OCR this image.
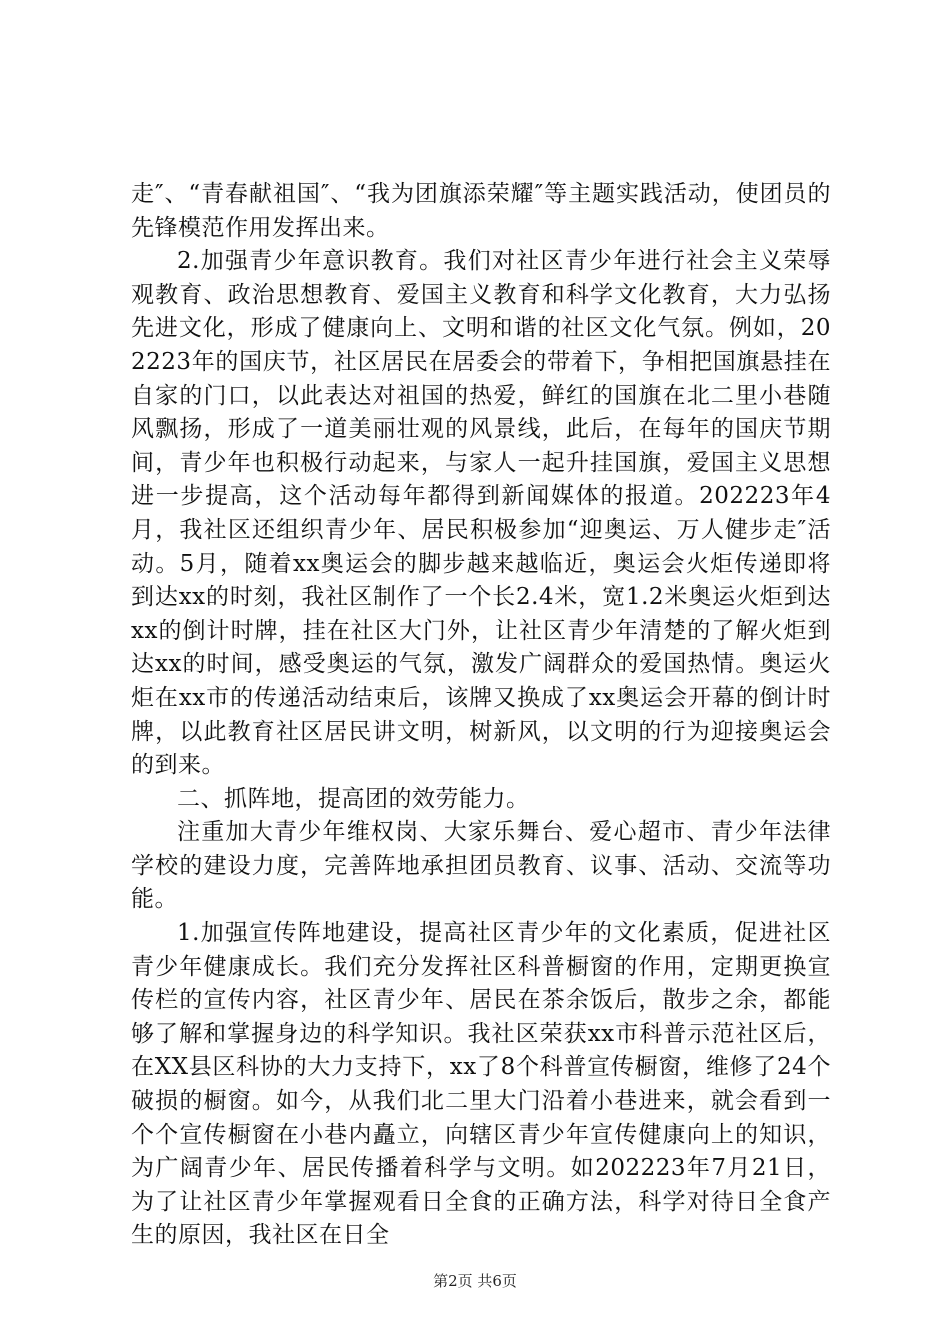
走″、“青春献祖国″、“我为团旗添荣耀″等主题实践活动，使团员的先锋模范作用发挥出来。

2.加强青少年意识教育。我们对社区青少年进行社会主义荣辱观教育、政治思想教育、爱国主义教育和科学文化教育，大力弘扬先进文化，形成了健康向上、文明和谐的社区文化气氛。例如，202223年的国庆节，社区居民在居委会的带着下，争相把国旗悬挂在自家的门口，以此表达对祖国的热爱，鲜红的国旗在北二里小巷随风飘扬，形成了一道美丽壮观的风景线，此后，在每年的国庆节期间，青少年也积极行动起来，与家人一起升挂国旗，爱国主义思想进一步提高，这个活动每年都得到新闻媒体的报道。202223年4月，我社区还组织青少年、居民积极参加“迎奥运、万人健步走″活动。5月，随着xx奥运会的脚步越来越临近，奥运会火炬传递即将到达xx的时刻，我社区制作了一个长2.4米，宽1.2米奥运火炬到达xx的倒计时牌，挂在社区大门外，让社区青少年清楚的了解火炬到达xx的时间，感受奥运的气氛，激发广阔群众的爱国热情。奥运火炬在xx市的传递活动结束后，该牌又换成了xx奥运会开幕的倒计时牌，以此教育社区居民讲文明，树新风，以文明的行为迎接奥运会的到来。

二、抓阵地，提高团的效劳能力。

注重加大青少年维权岗、大家乐舞台、爱心超市、青少年法律学校的建设力度，完善阵地承担团员教育、议事、活动、交流等功能。

1.加强宣传阵地建设，提高社区青少年的文化素质，促进社区青少年健康成长。我们充分发挥社区科普橱窗的作用，定期更换宣传栏的宣传内容，社区青少年、居民在茶余饭后，散步之余，都能够了解和掌握身边的科学知识。我社区荣获xx市科普示范社区后，在XX县区科协的大力支持下，xx了8个科普宣传橱窗，维修了24个破损的橱窗。如今，从我们北二里大门沿着小巷进来，就会看到一个个宣传橱窗在小巷内矗立，向辖区青少年宣传健康向上的知识，为广阔青少年、居民传播着科学与文明。如202223年7月21日，为了让社区青少年掌握观看日全食的正确方法，科学对待日全食产生的原因，我社区在日全

第2页 共6页
